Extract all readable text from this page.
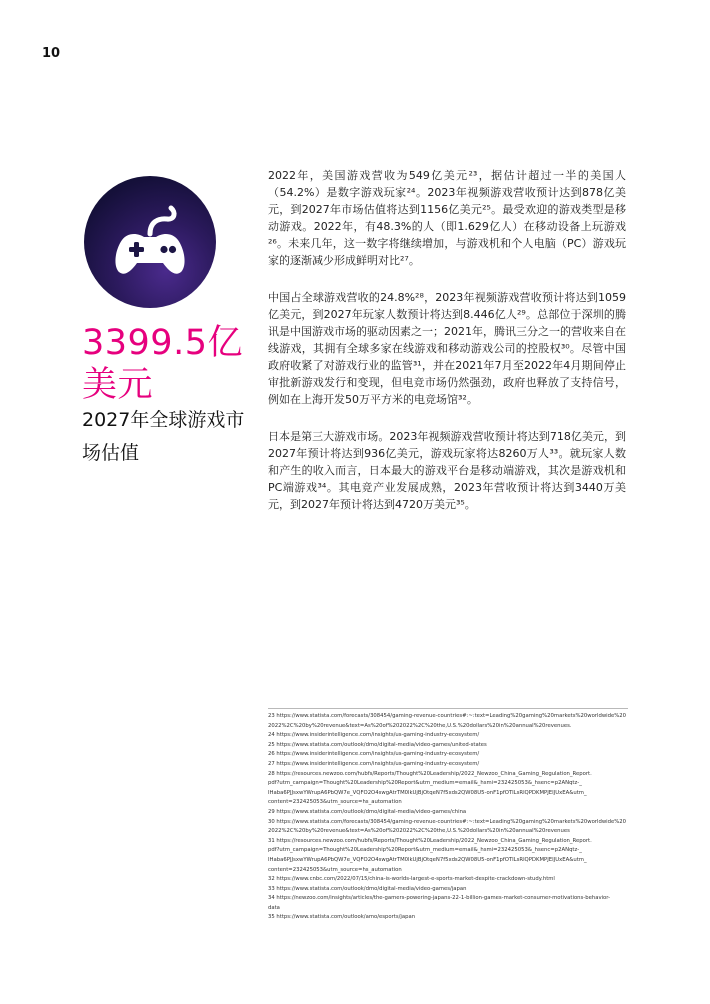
10
3399.5亿美元
2027年全球游戏市场估值

2022年，美国游戏营收为549亿美元²³，据估计超过一半的美国人（54.2%）是数字游戏玩家²⁴。2023年视频游戏营收预计达到878亿美元，到2027年市场估值将达到1156亿美元²⁵。最受欢迎的游戏类型是移动游戏。2022年，有48.3%的人（即1.629亿人）在移动设备上玩游戏²⁶。未来几年，这一数字将继续增加，与游戏机和个人电脑（PC）游戏玩家的逐渐减少形成鲜明对比²⁷。

中国占全球游戏营收的24.8%²⁸，2023年视频游戏营收预计将达到1059亿美元，到2027年玩家人数预计将达到8.446亿人²⁹。总部位于深圳的腾讯是中国游戏市场的驱动因素之一；2021年，腾讯三分之一的营收来自在线游戏，其拥有全球多家在线游戏和移动游戏公司的控股权³⁰。尽管中国政府收紧了对游戏行业的监管³¹，并在2021年7月至2022年4月期间停止审批新游戏发行和变现，但电竞市场仍然强劲，政府也释放了支持信号，例如在上海开发50万平方米的电竞场馆³²。

日本是第三大游戏市场。2023年视频游戏营收预计将达到718亿美元，到2027年预计将达到936亿美元，游戏玩家将达8260万人³³。就玩家人数和产生的收入而言，日本最大的游戏平台是移动端游戏，其次是游戏机和PC端游戏³⁴。其电竞产业发展成熟，2023年营收预计将达到3440万美元，到2027年预计将达到4720万美元³⁵。

23 https://www.statista.com/forecasts/308454/gaming-revenue-countries#:~:text=Leading%20gaming%20markets%20worldwide%20
2022%2C%20by%20revenue&text=As%20of%202022%2C%20the,U.S.%20dollars%20in%20annual%20revenues.
24 https://www.insiderintelligence.com/insights/us-gaming-industry-ecosystem/
25 https://www.statista.com/outlook/dmo/digital-media/video-games/united-states
26 https://www.insiderintelligence.com/insights/us-gaming-industry-ecosystem/
27 https://www.insiderintelligence.com/insights/us-gaming-industry-ecosystem/
28 https://resources.newzoo.com/hubfs/Reports/Thought%20Leadership/2022_Newzoo_China_Gaming_Regulation_Report.
pdf?utm_campaign=Thought%20Leadership%20Report&utm_medium=email&_hsmi=232425053&_hsenc=p2ANqtz-_
IHaba6PJJsxwYWrupA6PbQW7e_VQFO2O4swgAtrTM0lkUjBjOtqeN7f5xds2QW08U5-onF1pfOTILsRlQPDKMPJEIJUxEA&utm_
content=232425053&utm_source=hs_automation
29 https://www.statista.com/outlook/dmo/digital-media/video-games/china
30 https://www.statista.com/forecasts/308454/gaming-revenue-countries#:~:text=Leading%20gaming%20markets%20worldwide%20
2022%2C%20by%20revenue&text=As%20of%202022%2C%20the,U.S.%20dollars%20in%20annual%20revenues
31 https://resources.newzoo.com/hubfs/Reports/Thought%20Leadership/2022_Newzoo_China_Gaming_Regulation_Report.
pdf?utm_campaign=Thought%20Leadership%20Report&utm_medium=email&_hsmi=232425053&_hsenc=p2ANqtz-_
IHaba6PJJsxwYWrupA6PbQW7e_VQFO2O4swgAtrTM0lkUjBjOtqeN7f5xds2QW08U5-onF1pfOTILsRlQPDKMPJEIJUxEA&utm_
content=232425053&utm_source=hs_automation
32 https://www.cnbc.com/2022/07/15/china-is-worlds-largest-e-sports-market-despite-crackdown-study.html
33 https://www.statista.com/outlook/dmo/digital-media/video-games/japan
34 https://newzoo.com/insights/articles/the-gamers-powering-japans-22-1-billion-games-market-consumer-motivations-behavior-
data
35 https://www.statista.com/outlook/amo/esports/japan
